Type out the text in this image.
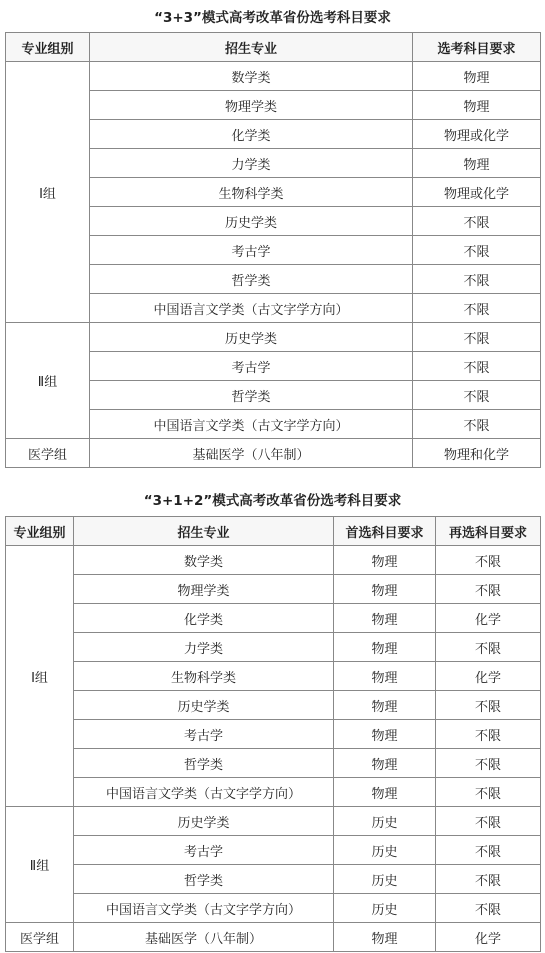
“3+3”模式高考改革省份选考科目要求
专业组别	招生专业	选考科目要求
Ⅰ组	数学类	物理
	物理学类	物理
	化学类	物理或化学
	力学类	物理
	生物科学类	物理或化学
	历史学类	不限
	考古学	不限
	哲学类	不限
	中国语言文学类（古文字学方向）	不限
Ⅱ组	历史学类	不限
	考古学	不限
	哲学类	不限
	中国语言文学类（古文字学方向）	不限
医学组	基础医学（八年制）	物理和化学
“3+1+2”模式高考改革省份选考科目要求
专业组别	招生专业	首选科目要求	再选科目要求
Ⅰ组	数学类	物理	不限
	物理学类	物理	不限
	化学类	物理	化学
	力学类	物理	不限
	生物科学类	物理	化学
	历史学类	物理	不限
	考古学	物理	不限
	哲学类	物理	不限
	中国语言文学类（古文字学方向）	物理	不限
Ⅱ组	历史学类	历史	不限
	考古学	历史	不限
	哲学类	历史	不限
	中国语言文学类（古文字学方向）	历史	不限
医学组	基础医学（八年制）	物理	化学
